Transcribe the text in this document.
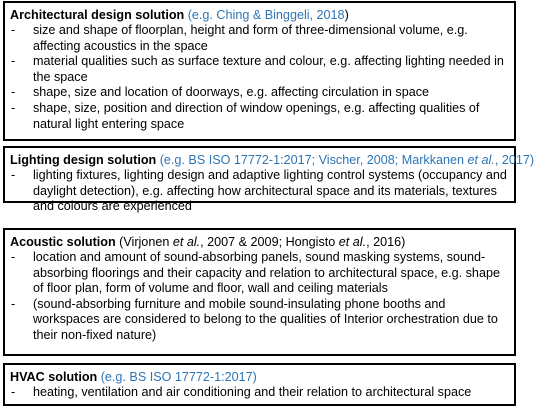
Architectural design solution (e.g. Ching & Binggeli, 2018)
- size and shape of floorplan, height and form of three-dimensional volume, e.g. affecting acoustics in the space
- material qualities such as surface texture and colour, e.g. affecting lighting needed in the space
- shape, size and location of doorways, e.g. affecting circulation in space
- shape, size, position and direction of window openings, e.g. affecting qualities of natural light entering space
Lighting design solution (e.g. BS ISO 17772-1:2017; Vischer, 2008; Markkanen et al., 2017)
- lighting fixtures, lighting design and adaptive lighting control systems (occupancy and daylight detection), e.g. affecting how architectural space and its materials, textures and colours are experienced
Acoustic solution (Virjonen et al., 2007 & 2009; Hongisto et al., 2016)
- location and amount of sound-absorbing panels, sound masking systems, sound-absorbing floorings and their capacity and relation to architectural space, e.g. shape of floor plan, form of volume and floor, wall and ceiling materials
- (sound-absorbing furniture and mobile sound-insulating phone booths and workspaces are considered to belong to the qualities of Interior orchestration due to their non-fixed nature)
HVAC solution (e.g. BS ISO 17772-1:2017)
- heating, ventilation and air conditioning and their relation to architectural space
